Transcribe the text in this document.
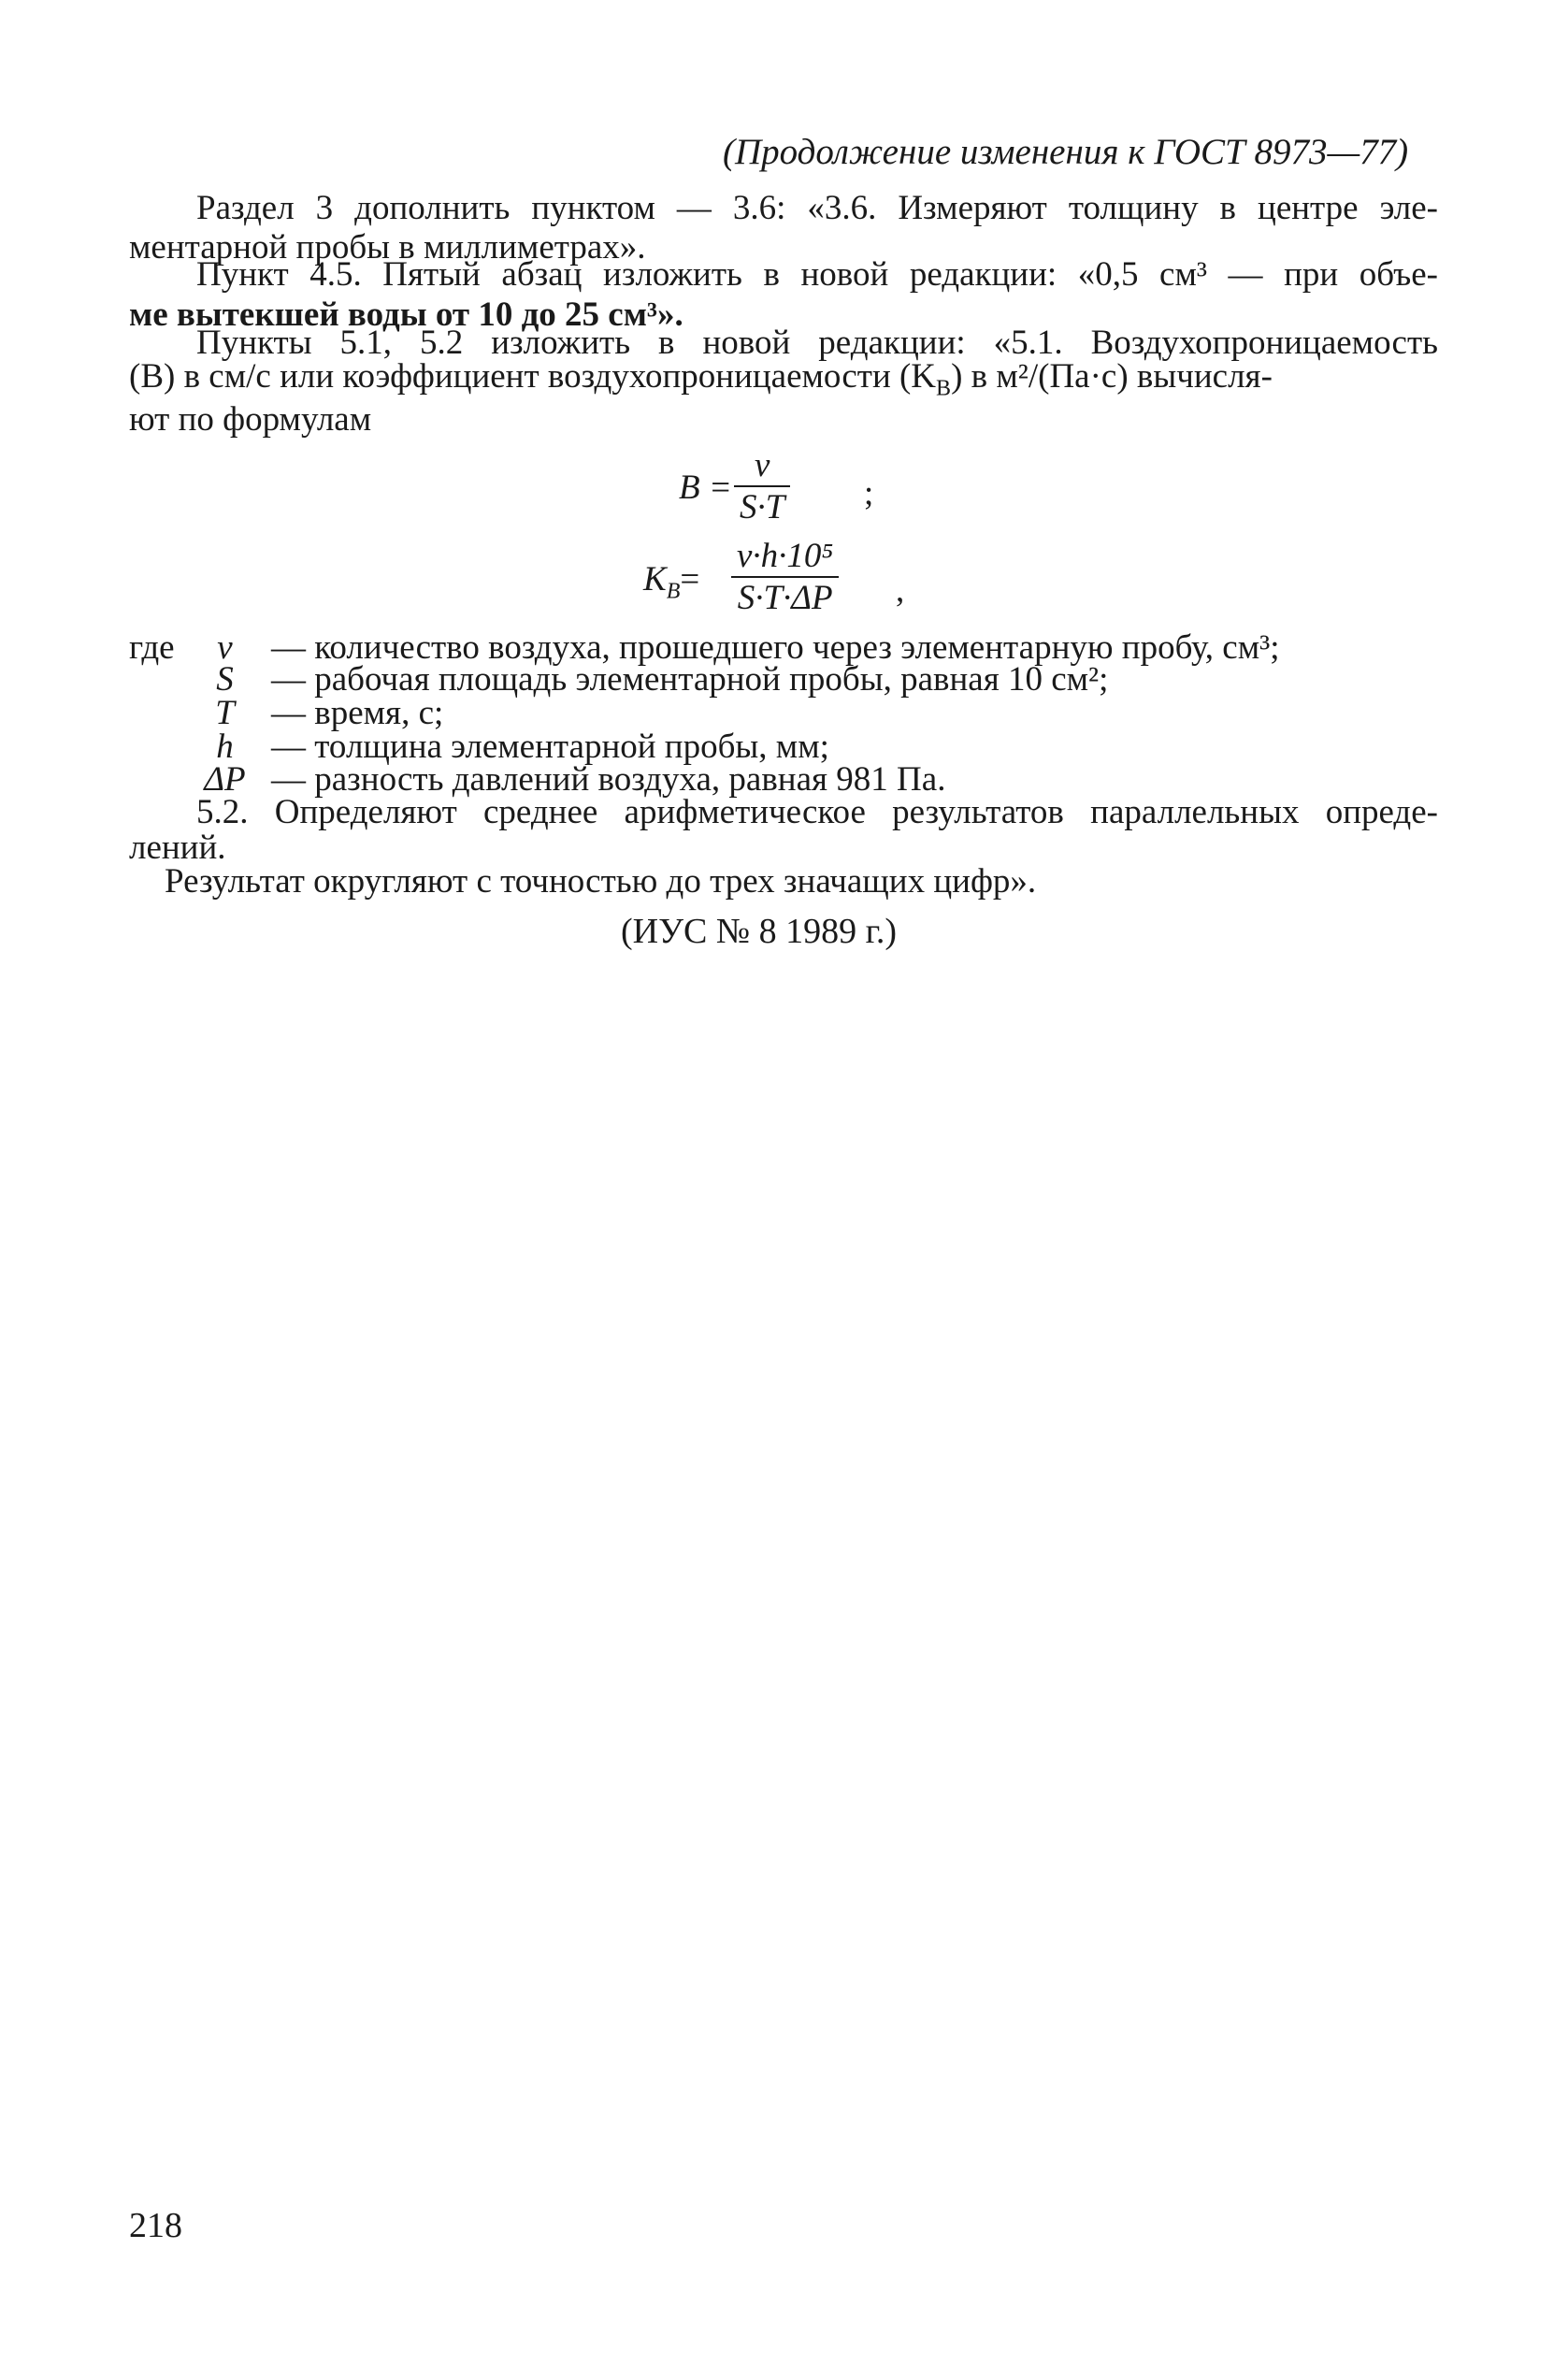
(Продолжение изменения к ГОСТ 8973—77)
Раздел 3 дополнить пунктом — 3.6: «3.6. Измеряют толщину в центре эле-
ментарной пробы в миллиметрах».
Пункт 4.5. Пятый абзац изложить в новой редакции: «0,5 см³ — при объе-
ме вытекшей воды от 10 до 25 см³».
Пункты 5.1, 5.2 изложить в новой редакции: «5.1. Воздухопроницаемость
(B) в см/с или коэффициент воздухопроницаемости $(K_B)$ в м²/(Па·с) вычисля-
ют по формулам
$B = \frac{v}{S\cdot T}$ ;
$K_B= \frac{\text{v·h·10⁵}}{S\cdot T\cdot\Delta P}$ ,
где	v	— количество воздуха, прошедшего через элементарную пробу, см³;
S	— рабочая площадь элементарной пробы, равная 10 см²;
T	— время, с;
h	— толщина элементарной пробы, мм;
ΔP — разность давлений воздуха, равная 981 Па.
5.2. Определяют среднее арифметическое результатов параллельных опреде-
лений.
Результат округляют с точностью до трех значащих цифр».
(ИУС № 8 1989 г.)
218
